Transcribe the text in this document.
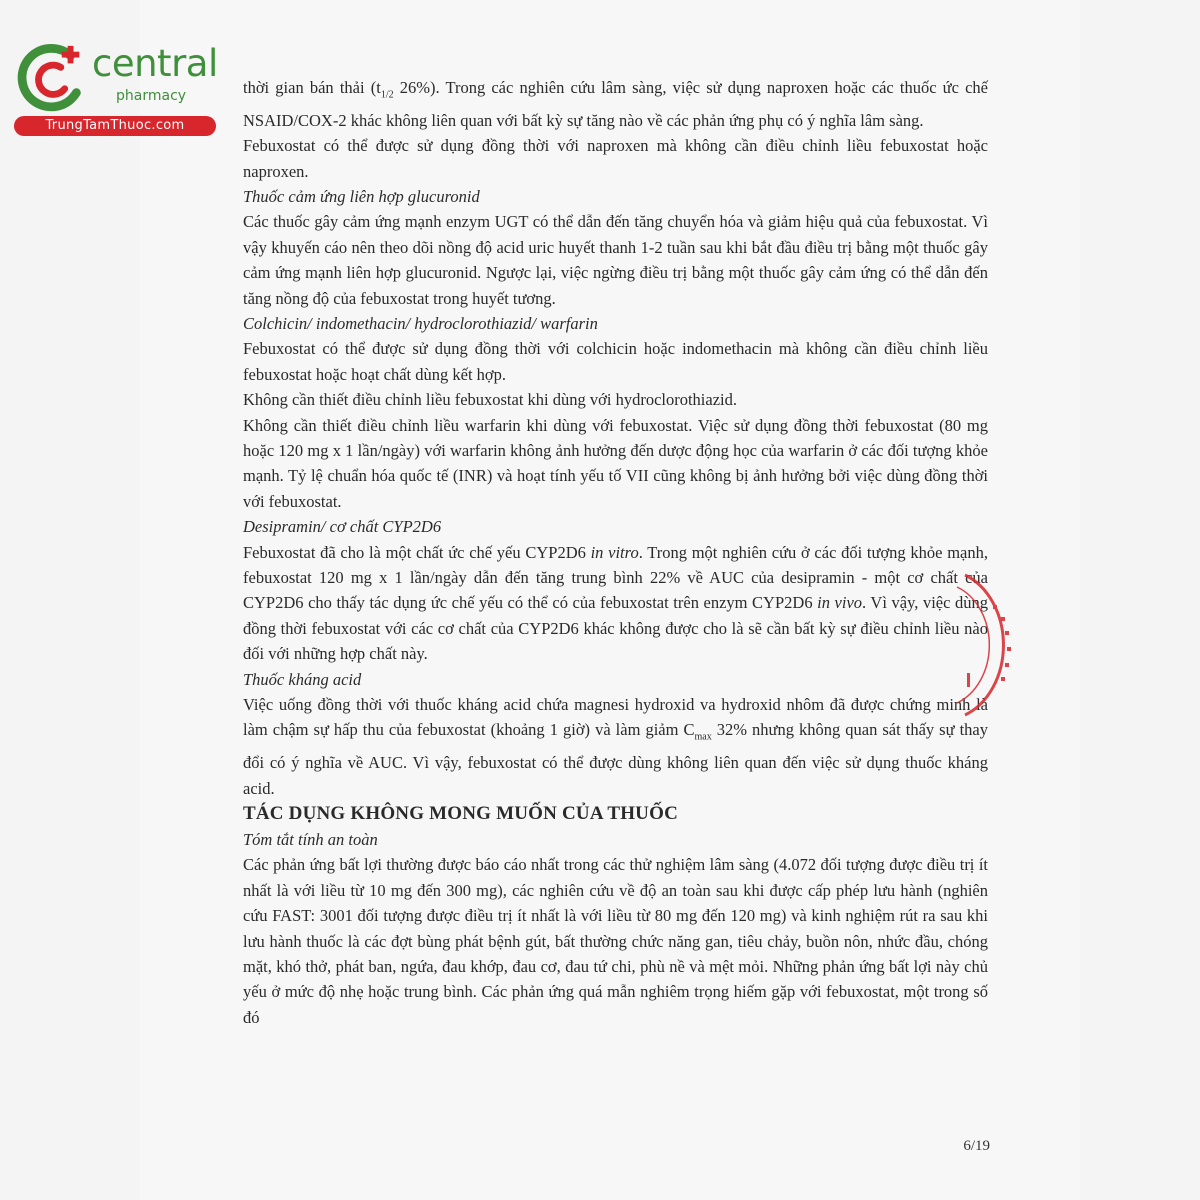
central
pharmacy
TrungTamThuoc.com

thời gian bán thải ($t_{1/2}$ 26%). Trong các nghiên cứu lâm sàng, việc sử dụng naproxen hoặc các thuốc ức chế NSAID/COX-2 khác không liên quan với bất kỳ sự tăng nào về các phản ứng phụ có ý nghĩa lâm sàng.

Febuxostat có thể được sử dụng đồng thời với naproxen mà không cần điều chỉnh liều febuxostat hoặc naproxen.

Thuốc cảm ứng liên hợp glucuronid

Các thuốc gây cảm ứng mạnh enzym UGT có thể dẫn đến tăng chuyển hóa và giảm hiệu quả của febuxostat. Vì vậy khuyến cáo nên theo dõi nồng độ acid uric huyết thanh 1-2 tuần sau khi bắt đầu điều trị bằng một thuốc gây cảm ứng mạnh liên hợp glucuronid. Ngược lại, việc ngừng điều trị bằng một thuốc gây cảm ứng có thể dẫn đến tăng nồng độ của febuxostat trong huyết tương.

Colchicin/ indomethacin/ hydroclorothiazid/ warfarin

Febuxostat có thể được sử dụng đồng thời với colchicin hoặc indomethacin mà không cần điều chỉnh liều febuxostat hoặc hoạt chất dùng kết hợp.

Không cần thiết điều chỉnh liều febuxostat khi dùng với hydroclorothiazid.

Không cần thiết điều chỉnh liều warfarin khi dùng với febuxostat. Việc sử dụng đồng thời febuxostat (80 mg hoặc 120 mg x 1 lần/ngày) với warfarin không ảnh hưởng đến dược động học của warfarin ở các đối tượng khỏe mạnh. Tỷ lệ chuẩn hóa quốc tế (INR) và hoạt tính yếu tố VII cũng không bị ảnh hưởng bởi việc dùng đồng thời với febuxostat.

Desipramin/ cơ chất CYP2D6

Febuxostat đã cho là một chất ức chế yếu CYP2D6 in vitro. Trong một nghiên cứu ở các đối tượng khỏe mạnh, febuxostat 120 mg x 1 lần/ngày dẫn đến tăng trung bình 22% về AUC của desipramin - một cơ chất của CYP2D6 cho thấy tác dụng ức chế yếu có thể có của febuxostat trên enzym CYP2D6 in vivo. Vì vậy, việc dùng đồng thời febuxostat với các cơ chất của CYP2D6 khác không được cho là sẽ cần bất kỳ sự điều chỉnh liều nào đối với những hợp chất này.

Thuốc kháng acid

Việc uống đồng thời với thuốc kháng acid chứa magnesi hydroxid va hydroxid nhôm đã được chứng minh là làm chậm sự hấp thu của febuxostat (khoảng 1 giờ) và làm giảm $C_{max}$ 32% nhưng không quan sát thấy sự thay đổi có ý nghĩa về AUC. Vì vậy, febuxostat có thể được dùng không liên quan đến việc sử dụng thuốc kháng acid.

TÁC DỤNG KHÔNG MONG MUỐN CỦA THUỐC

Tóm tắt tính an toàn

Các phản ứng bất lợi thường được báo cáo nhất trong các thử nghiệm lâm sàng (4.072 đối tượng được điều trị ít nhất là với liều từ 10 mg đến 300 mg), các nghiên cứu về độ an toàn sau khi được cấp phép lưu hành (nghiên cứu FAST: 3001 đối tượng được điều trị ít nhất là với liều từ 80 mg đến 120 mg) và kinh nghiệm rút ra sau khi lưu hành thuốc là các đợt bùng phát bệnh gút, bất thường chức năng gan, tiêu chảy, buồn nôn, nhức đầu, chóng mặt, khó thở, phát ban, ngứa, đau khớp, đau cơ, đau tứ chi, phù nề và mệt mỏi. Những phản ứng bất lợi này chủ yếu ở mức độ nhẹ hoặc trung bình. Các phản ứng quá mẫn nghiêm trọng hiếm gặp với febuxostat, một trong số đó

6/19
